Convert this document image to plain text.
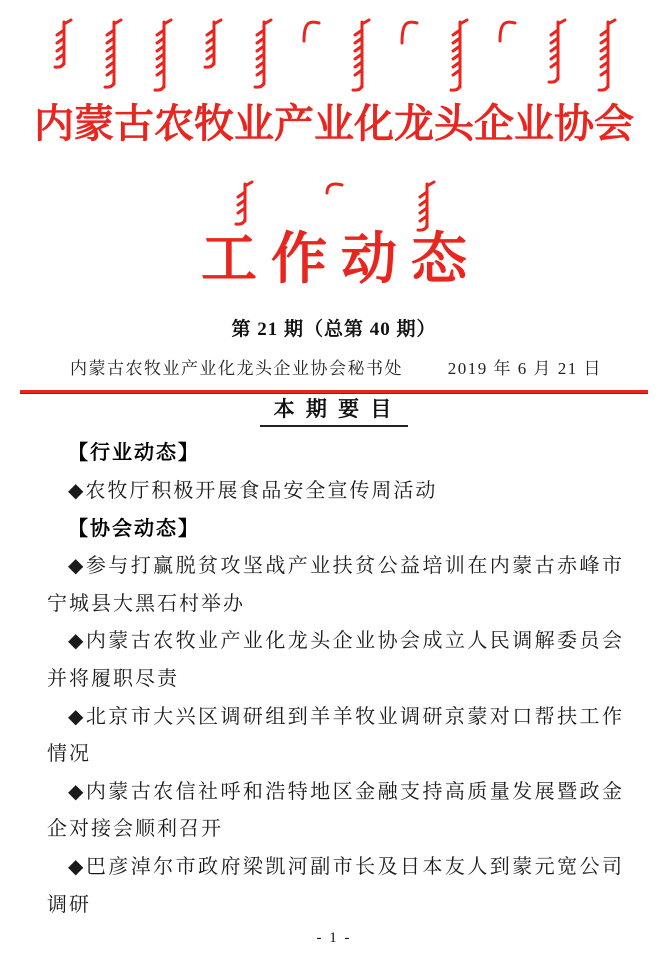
内蒙古农牧业产业化龙头企业协会
工作动态
第 21 期（总第 40 期）
内蒙古农牧业产业化龙头企业协会秘书处	2019 年 6 月 21 日
本 期 要 目

【行业动态】

◆农牧厅积极开展食品安全宣传周活动

【协会动态】

◆参与打赢脱贫攻坚战产业扶贫公益培训在内蒙古赤峰市宁城县大黑石村举办

◆内蒙古农牧业产业化龙头企业协会成立人民调解委员会并将履职尽责

◆北京市大兴区调研组到羊羊牧业调研京蒙对口帮扶工作情况

◆内蒙古农信社呼和浩特地区金融支持高质量发展暨政金企对接会顺利召开

◆巴彦淖尔市政府梁凯河副市长及日本友人到蒙元宽公司调研

- 1 -
